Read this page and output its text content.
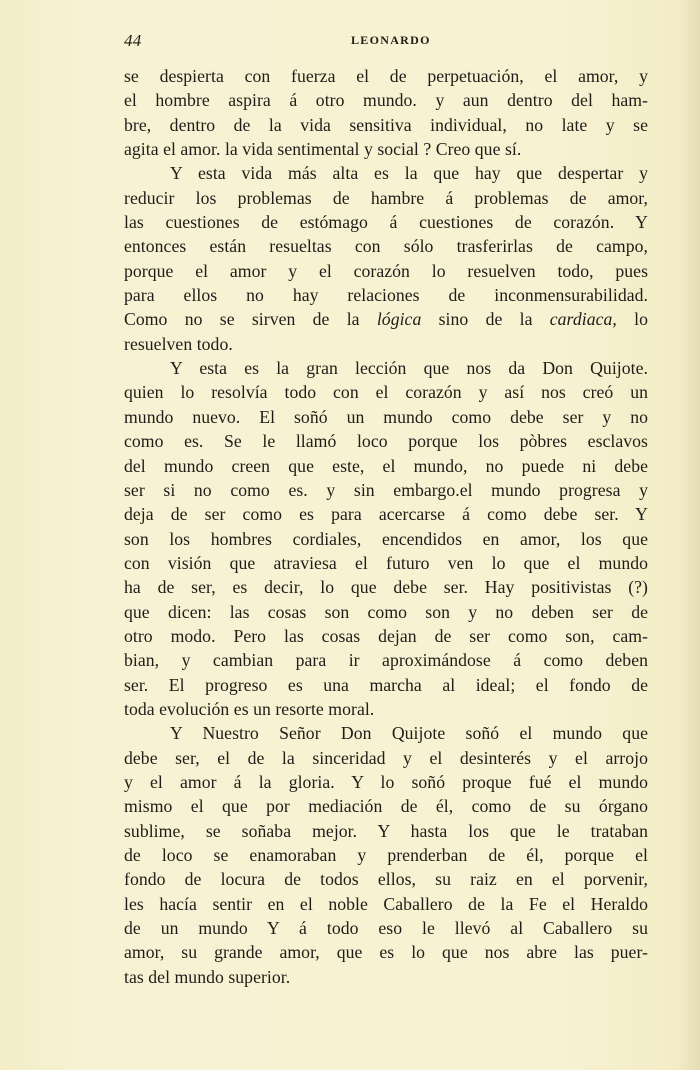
44	LEONARDO
se despierta con fuerza el de perpetuación, el amor, y
el hombre aspira á otro mundo. y aun dentro del ham-
bre, dentro de la vida sensitiva individual, no late y se
agita el amor. la vida sentimental y social ? Creo que sí.
Y esta vida más alta es la que hay que despertar y
reducir los problemas de hambre á problemas de amor,
las cuestiones de estómago á cuestiones de corazón. Y
entonces están resueltas con sólo trasferirlas de campo,
porque el amor y el corazón lo resuelven todo, pues
para ellos no hay relaciones de inconmensurabilidad.
Como no se sirven de la lógica sino de la cardiaca, lo
resuelven todo.
Y esta es la gran lección que nos da Don Quijote.
quien lo resolvía todo con el corazón y así nos creó un
mundo nuevo. El soñó un mundo como debe ser y no
como es. Se le llamó loco porque los pòbres esclavos
del mundo creen que este, el mundo, no puede ni debe
ser si no como es. y sin embargo.el mundo progresa y
deja de ser como es para acercarse á como debe ser. Y
son los hombres cordiales, encendidos en amor, los que
con visión que atraviesa el futuro ven lo que el mundo
ha de ser, es decir, lo que debe ser. Hay positivistas (?)
que dicen: las cosas son como son y no deben ser de
otro modo. Pero las cosas dejan de ser como son, cam-
bian, y cambian para ir aproximándose á como deben
ser. El progreso es una marcha al ideal; el fondo de
toda evolución es un resorte moral.
Y Nuestro Señor Don Quijote soñó el mundo que
debe ser, el de la sinceridad y el desinterés y el arrojo
y el amor á la gloria. Y lo soñó proque fué el mundo
mismo el que por mediación de él, como de su órgano
sublime, se soñaba mejor. Y hasta los que le trataban
de loco se enamoraban y prenderban de él, porque el
fondo de locura de todos ellos, su raiz en el porvenir,
les hacía sentir en el noble Caballero de la Fe el Heraldo
de un mundo Y á todo eso le llevó al Caballero su
amor, su grande amor, que es lo que nos abre las puer-
tas del mundo superior.
